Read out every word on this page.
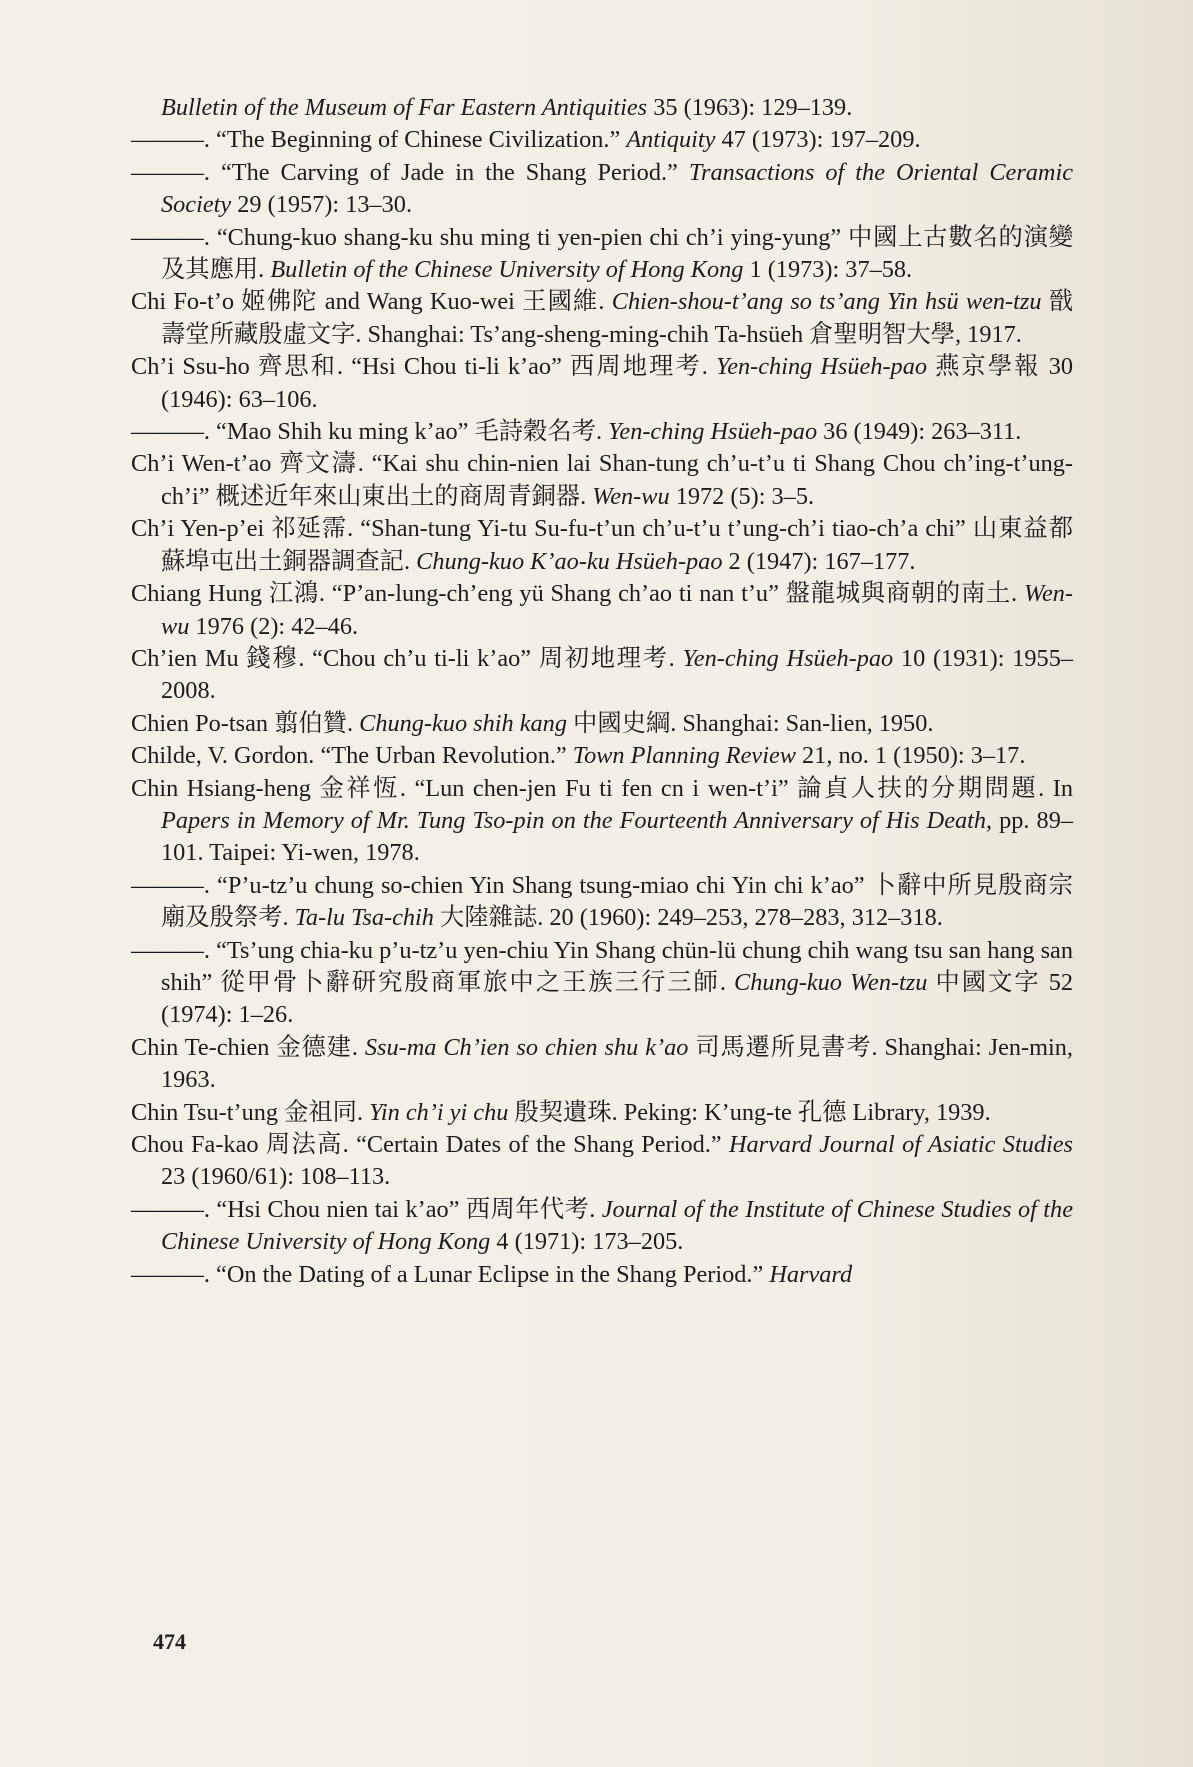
Bulletin of the Museum of Far Eastern Antiquities 35 (1963): 129–139.

———. “The Beginning of Chinese Civilization.” Antiquity 47 (1973): 197–209.

———. “The Carving of Jade in the Shang Period.” Transactions of the Oriental Ceramic Society 29 (1957): 13–30.

———. “Chung-kuo shang-ku shu ming ti yen-pien chi ch’i ying-yung” 中國上古數名的演變及其應用. Bulletin of the Chinese University of Hong Kong 1 (1973): 37–58.

Chi Fo-t’o 姬佛陀 and Wang Kuo-wei 王國維. Chien-shou-t’ang so ts’ang Yin hsü wen-tzu 戩壽堂所藏殷虛文字. Shanghai: Ts’ang-sheng-ming-chih Ta-hsüeh 倉聖明智大學, 1917.

Ch’i Ssu-ho 齊思和. “Hsi Chou ti-li k’ao” 西周地理考. Yen-ching Hsüeh-pao 燕京學報 30 (1946): 63–106.

———. “Mao Shih ku ming k’ao” 毛詩穀名考. Yen-ching Hsüeh-pao 36 (1949): 263–311.

Ch’i Wen-t’ao 齊文濤. “Kai shu chin-nien lai Shan-tung ch’u-t’u ti Shang Chou ch’ing-t’ung-ch’i” 概述近年來山東出土的商周青銅器. Wen-wu 1972 (5): 3–5.

Ch’i Yen-p’ei 祁延霈. “Shan-tung Yi-tu Su-fu-t’un ch’u-t’u t’ung-ch’i tiao-ch’a chi” 山東益都蘇埠屯出土銅器調查記. Chung-kuo K’ao-ku Hsüeh-pao 2 (1947): 167–177.

Chiang Hung 江鴻. “P’an-lung-ch’eng yü Shang ch’ao ti nan t’u” 盤龍城與商朝的南土. Wen-wu 1976 (2): 42–46.

Ch’ien Mu 錢穆. “Chou ch’u ti-li k’ao” 周初地理考. Yen-ching Hsüeh-pao 10 (1931): 1955–2008.

Chien Po-tsan 翦伯贊. Chung-kuo shih kang 中國史綱. Shanghai: San-lien, 1950.

Childe, V. Gordon. “The Urban Revolution.” Town Planning Review 21, no. 1 (1950): 3–17.

Chin Hsiang-heng 金祥恆. “Lun chen-jen Fu ti fen cn i wen-t’i” 論貞人扶的分期問題. In Papers in Memory of Mr. Tung Tso-pin on the Fourteenth Anniversary of His Death, pp. 89–101. Taipei: Yi-wen, 1978.

———. “P’u-tz’u chung so-chien Yin Shang tsung-miao chi Yin chi k’ao” 卜辭中所見殷商宗廟及殷祭考. Ta-lu Tsa-chih 大陸雜誌. 20 (1960): 249–253, 278–283, 312–318.

———. “Ts’ung chia-ku p’u-tz’u yen-chiu Yin Shang chün-lü chung chih wang tsu san hang san shih” 從甲骨卜辭研究殷商軍旅中之王族三行三師. Chung-kuo Wen-tzu 中國文字 52 (1974): 1–26.

Chin Te-chien 金德建. Ssu-ma Ch’ien so chien shu k’ao 司馬遷所見書考. Shanghai: Jen-min, 1963.

Chin Tsu-t’ung 金祖同. Yin ch’i yi chu 殷契遺珠. Peking: K’ung-te 孔德 Library, 1939.

Chou Fa-kao 周法高. “Certain Dates of the Shang Period.” Harvard Journal of Asiatic Studies 23 (1960/61): 108–113.

———. “Hsi Chou nien tai k’ao” 西周年代考. Journal of the Institute of Chinese Studies of the Chinese University of Hong Kong 4 (1971): 173–205.

———. “On the Dating of a Lunar Eclipse in the Shang Period.” Harvard

474
